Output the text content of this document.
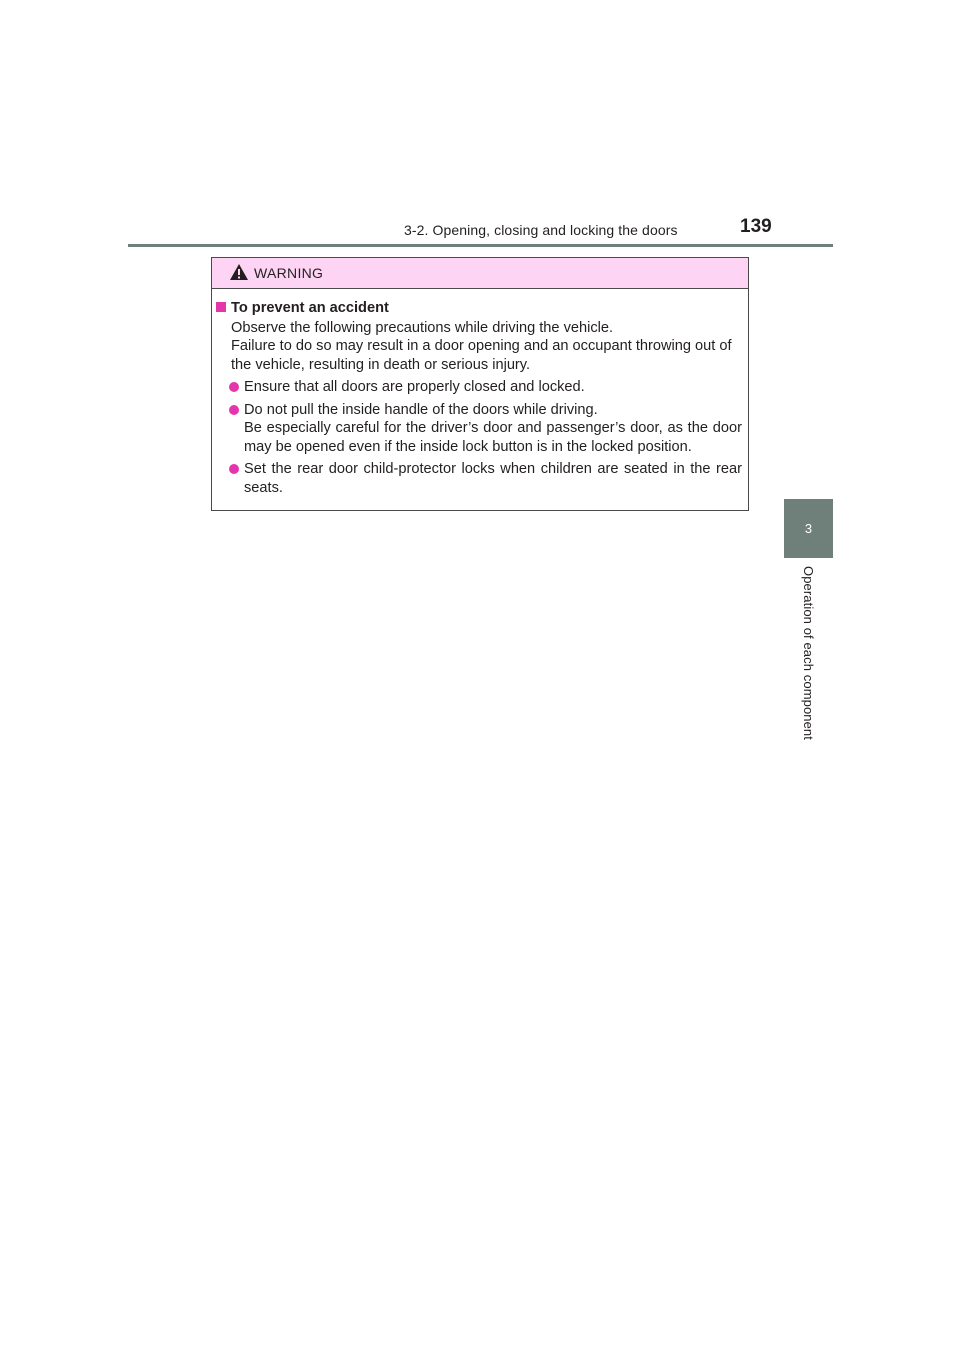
3-2. Opening, closing and locking the doors	139
3
Operation of each component
WARNING
To prevent an accident

Observe the following precautions while driving the vehicle.

Failure to do so may result in a door opening and an occupant throwing out of the vehicle, resulting in death or serious injury.

Ensure that all doors are properly closed and locked.

Do not pull the inside handle of the doors while driving.

Be especially careful for the driver’s door and passenger’s door, as the door may be opened even if the inside lock button is in the locked position.

Set the rear door child-protector locks when children are seated in the rear seats.
